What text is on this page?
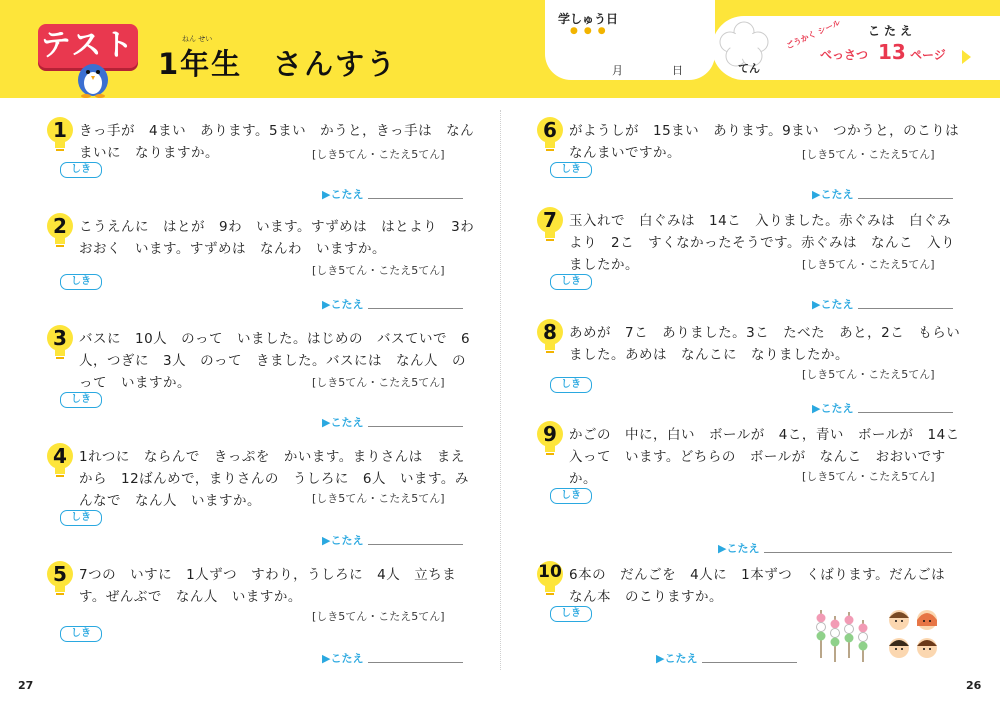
テスト	ねん せい
1年生　さんすう
学しゅう日
●●●
月	日	てん
ごうかく シール こたえ
べっさつ 13 ページ
1 きっ手が　4まい　あります。5まい　かうと，きっ手は　なんまいに　なりますか。	[しき5てん・こたえ5てん]
しき
▶こたえ
2 こうえんに　はとが　9わ　います。すずめは　はとより　3わ　おおく　います。すずめは　なんわ　いますか。
[しき5てん・こたえ5てん]
しき
▶こたえ
3 バスに　10人　のって　いました。はじめの　バスていで　6人，つぎに　3人　のって　きました。バスには　なん人　のって　いますか。	[しき5てん・こたえ5てん]
しき
▶こたえ
4 1れつに　ならんで　きっぷを　かいます。まりさんは　まえから　12ばんめで，まりさんの　うしろに　6人　います。みんなで　なん人　いますか。	[しき5てん・こたえ5てん]
しき
▶こたえ
5 7つの　いすに　1人ずつ　すわり，うしろに　4人　立ちます。ぜんぶで　なん人　いますか。
[しき5てん・こたえ5てん]
しき
▶こたえ
6 がようしが　15まい　あります。9まい　つかうと，のこりは　なんまいですか。	[しき5てん・こたえ5てん]
しき
▶こたえ
7 玉入れで　白ぐみは　14こ　入りました。赤ぐみは　白ぐみより　2こ　すくなかったそうです。赤ぐみは　なんこ　入りましたか。	[しき5てん・こたえ5てん]
しき
▶こたえ
8 あめが　7こ　ありました。3こ　たべた　あと，2こ　もらいました。あめは　なんこに　なりましたか。
[しき5てん・こたえ5てん]
しき
▶こたえ
9 かごの　中に，白い　ボールが　4こ，青い　ボールが　14こ　入って　います。どちらの　ボールが　なんこ　おおいですか。	[しき5てん・こたえ5てん]
しき
▶こたえ
10 6本の　だんごを　4人に　1本ずつ　くばります。だんごは　なん本　のこりますか。
しき
▶こたえ
27	26
